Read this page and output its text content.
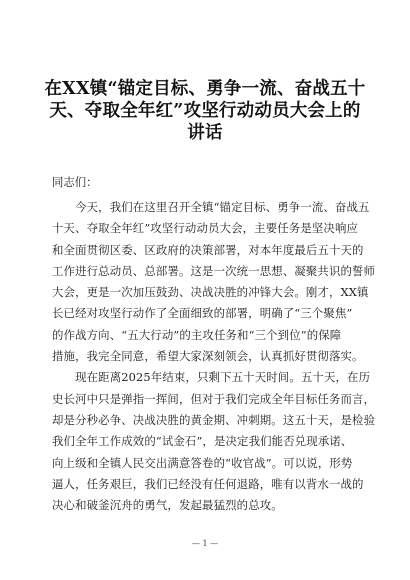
在XX镇“锚定目标、勇争一流、奋战五十
天、夺取全年红”攻坚行动动员大会上的
讲话
同志们：
　　今天，我们在这里召开全镇“锚定目标、勇争一流、奋战五
十天、夺取全年红”攻坚行动动员大会，主要任务是坚决响应
和全面贯彻区委、区政府的决策部署，对本年度最后五十天的
工作进行总动员、总部署。这是一次统一思想、凝聚共识的誓师
大会，更是一次加压鼓劲、决战决胜的冲锋大会。刚才，XX镇
长已经对攻坚行动作了全面细致的部署，明确了“三个聚焦”
的作战方向、“五大行动”的主攻任务和“三个到位”的保障
措施，我完全同意，希望大家深刻领会，认真抓好贯彻落实。
　　现在距离2025年结束，只剩下五十天时间。五十天，在历
史长河中只是弹指一挥间，但对于我们完成全年目标任务而言，
却是分秒必争、决战决胜的黄金期、冲刺期。这五十天，是检验
我们全年工作成效的“试金石”，是决定我们能否兑现承诺、
向上级和全镇人民交出满意答卷的“收官战”。可以说，形势
逼人，任务艰巨，我们已经没有任何退路，唯有以背水一战的
决心和破釜沉舟的勇气，发起最猛烈的总攻。
— 1 —
